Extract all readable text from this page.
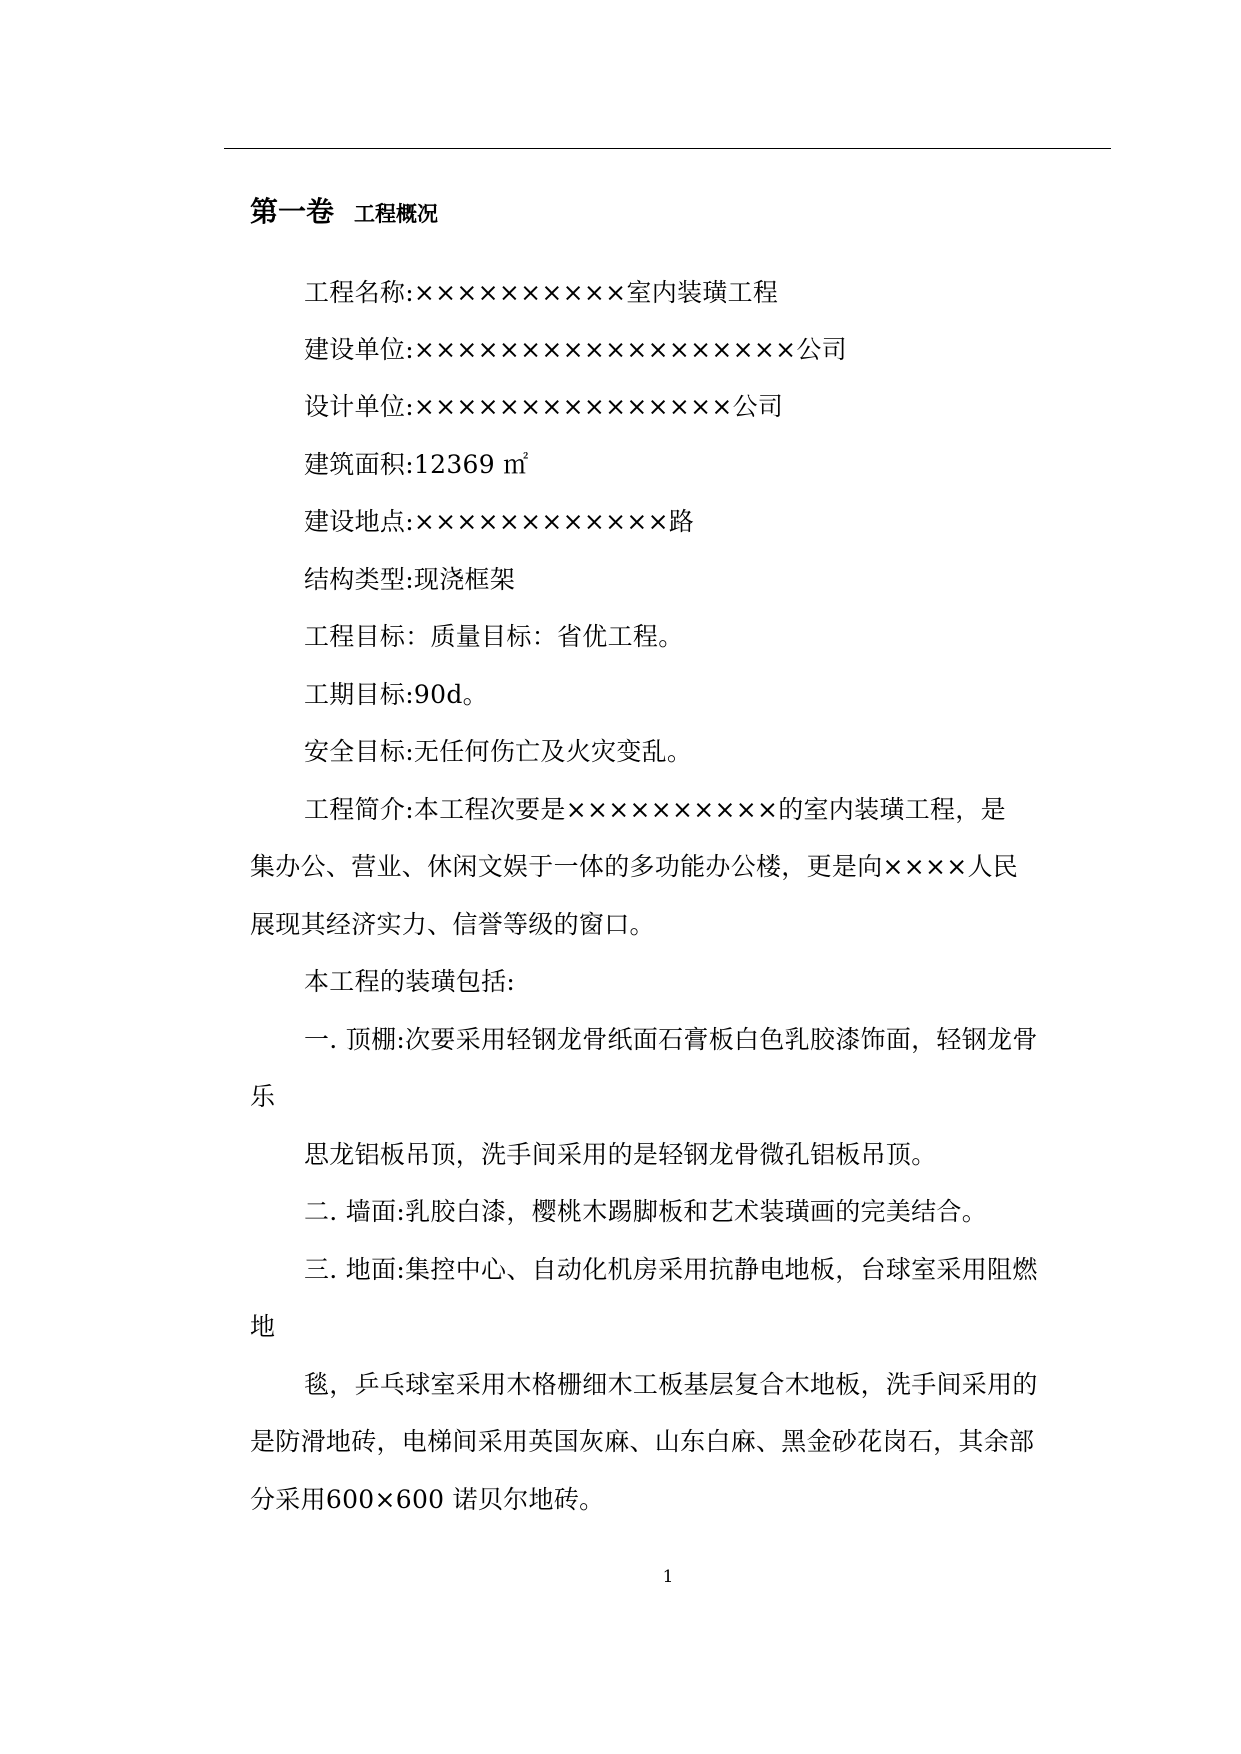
第一卷 工程概况
工程名称:××××××××××室内装璜工程
建设单位:××××××××××××××××××公司
设计单位:×××××××××××××××公司
建筑面积:12369 ㎡
建设地点:××××××××××××路
结构类型:现浇框架
工程目标：质量目标：省优工程。
工期目标:90d。
安全目标:无任何伤亡及火灾变乱。
工程简介:本工程次要是××××××××××的室内装璜工程，是
集办公、营业、休闲文娱于一体的多功能办公楼，更是向××××人民
展现其经济实力、信誉等级的窗口。
本工程的装璜包括:
一. 顶棚:次要采用轻钢龙骨纸面石膏板白色乳胶漆饰面，轻钢龙骨
乐
思龙铝板吊顶，洗手间采用的是轻钢龙骨微孔铝板吊顶。
二. 墙面:乳胶白漆，樱桃木踢脚板和艺术装璜画的完美结合。
三. 地面:集控中心、自动化机房采用抗静电地板，台球室采用阻燃
地
毯，乒乓球室采用木格栅细木工板基层复合木地板，洗手间采用的
是防滑地砖，电梯间采用英国灰麻、山东白麻、黑金砂花岗石，其余部
分采用600×600 诺贝尔地砖。
1
